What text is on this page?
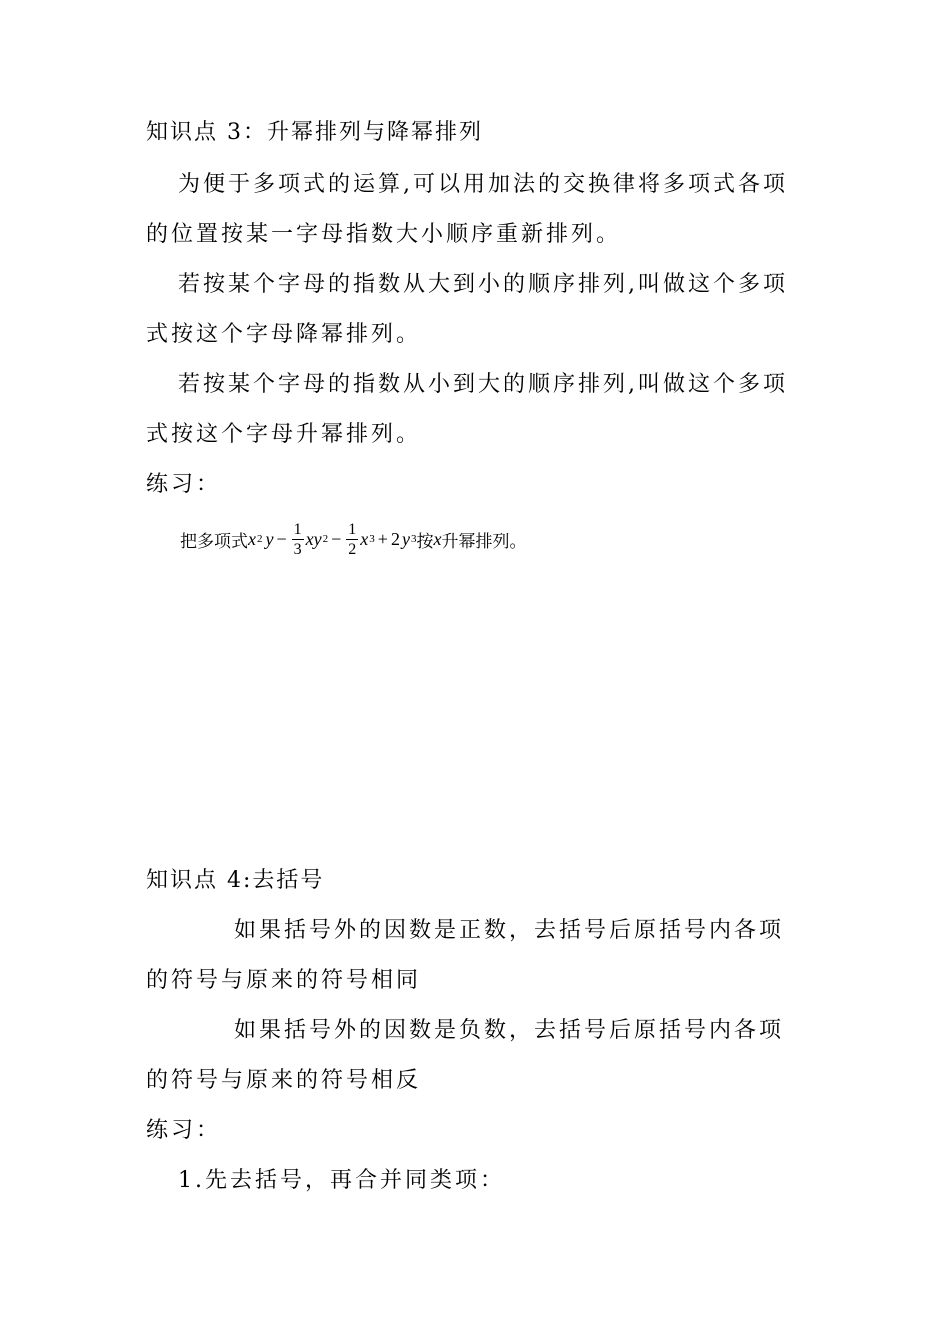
知识点 3：升幂排列与降幂排列
为便于多项式的运算,可以用加法的交换律将多项式各项
的位置按某一字母指数大小顺序重新排列。
若按某个字母的指数从大到小的顺序排列,叫做这个多项
式按这个字母降幂排列。
若按某个字母的指数从小到大的顺序排列,叫做这个多项
式按这个字母升幂排列。
练习：
把多项式 x 2 $y - \frac{1}{3}$ xy $2 - \frac{1}{2}$ x 3 + 2 y 3 按 x 升幂排列。
知识点 4:去括号
如果括号外的因数是正数，去括号后原括号内各项
的符号与原来的符号相同
如果括号外的因数是负数，去括号后原括号内各项
的符号与原来的符号相反
练习：
1.先去括号，再合并同类项：
